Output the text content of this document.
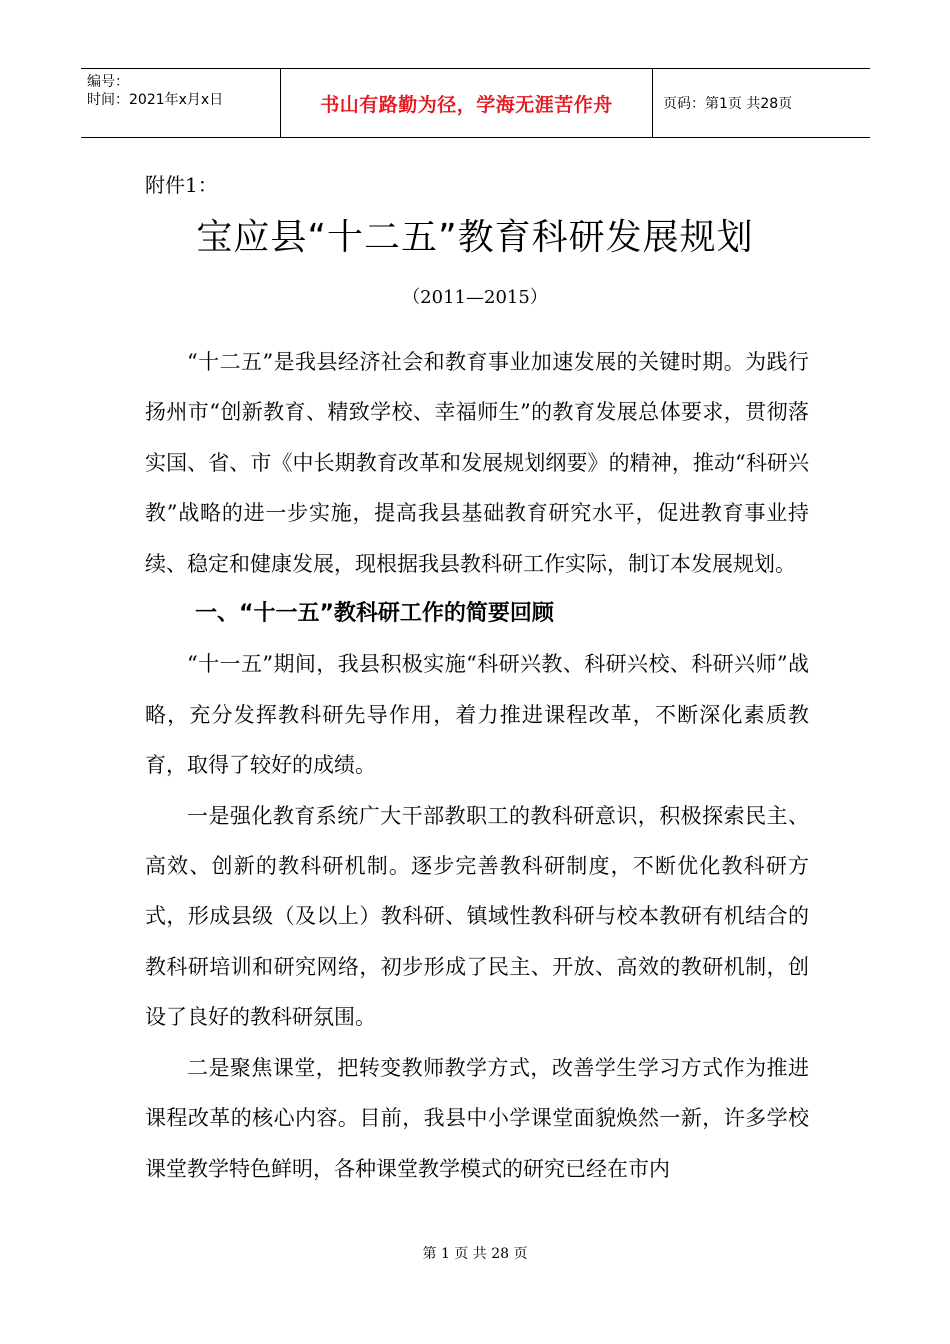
编号：
时间：2021年x月x日	书山有路勤为径，学海无涯苦作舟	页码：第1页 共28页
附件1：
宝应县“十二五”教育科研发展规划
（2011—2015）

“十二五”是我县经济社会和教育事业加速发展的关键时期。为践行扬州市“创新教育、精致学校、幸福师生”的教育发展总体要求，贯彻落实国、省、市《中长期教育改革和发展规划纲要》的精神，推动“科研兴教”战略的进一步实施，提高我县基础教育研究水平，促进教育事业持续、稳定和健康发展，现根据我县教科研工作实际，制订本发展规划。

一、“十一五”教科研工作的简要回顾

“十一五”期间，我县积极实施“科研兴教、科研兴校、科研兴师”战略，充分发挥教科研先导作用，着力推进课程改革，不断深化素质教育，取得了较好的成绩。

一是强化教育系统广大干部教职工的教科研意识，积极探索民主、高效、创新的教科研机制。逐步完善教科研制度，不断优化教科研方式，形成县级（及以上）教科研、镇域性教科研与校本教研有机结合的教科研培训和研究网络，初步形成了民主、开放、高效的教研机制，创设了良好的教科研氛围。

二是聚焦课堂，把转变教师教学方式，改善学生学习方式作为推进课程改革的核心内容。目前，我县中小学课堂面貌焕然一新，许多学校课堂教学特色鲜明，各种课堂教学模式的研究已经在市内

第 1 页 共 28 页
